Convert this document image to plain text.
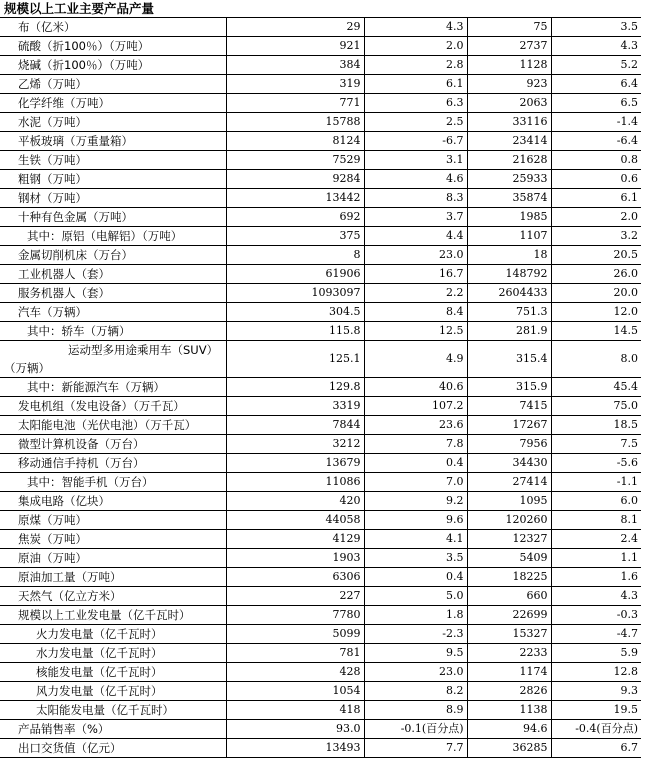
规模以上工业主要产品产量
布（亿米）	29	4.3	75	3.5
硫酸（折100％）（万吨）	921	2.0	2737	4.3
烧碱（折100％）（万吨）	384	2.8	1128	5.2
乙烯（万吨）	319	6.1	923	6.4
化学纤维（万吨）	771	6.3	2063	6.5
水泥（万吨）	15788	2.5	33116	-1.4
平板玻璃（万重量箱）	8124	-6.7	23414	-6.4
生铁（万吨）	7529	3.1	21628	0.8
粗钢（万吨）	9284	4.6	25933	0.6
钢材（万吨）	13442	8.3	35874	6.1
十种有色金属（万吨）	692	3.7	1985	2.0
其中：原铝（电解铝）（万吨）	375	4.4	1107	3.2
金属切削机床（万台）	8	23.0	18	20.5
工业机器人（套）	61906	16.7	148792	26.0
服务机器人（套）	1093097	2.2	2604433	20.0
汽车（万辆）	304.5	8.4	751.3	12.0
其中：轿车（万辆）	115.8	12.5	281.9	14.5
运动型多用途乘用车（SUV）（万辆）	125.1	4.9	315.4	8.0
其中：新能源汽车（万辆）	129.8	40.6	315.9	45.4
发电机组（发电设备）（万千瓦）	3319	107.2	7415	75.0
太阳能电池（光伏电池）（万千瓦）	7844	23.6	17267	18.5
微型计算机设备（万台）	3212	7.8	7956	7.5
移动通信手持机（万台）	13679	0.4	34430	-5.6
其中：智能手机（万台）	11086	7.0	27414	-1.1
集成电路（亿块）	420	9.2	1095	6.0
原煤（万吨）	44058	9.6	120260	8.1
焦炭（万吨）	4129	4.1	12327	2.4
原油（万吨）	1903	3.5	5409	1.1
原油加工量（万吨）	6306	0.4	18225	1.6
天然气（亿立方米）	227	5.0	660	4.3
规模以上工业发电量（亿千瓦时）	7780	1.8	22699	-0.3
火力发电量（亿千瓦时）	5099	-2.3	15327	-4.7
水力发电量（亿千瓦时）	781	9.5	2233	5.9
核能发电量（亿千瓦时）	428	23.0	1174	12.8
风力发电量（亿千瓦时）	1054	8.2	2826	9.3
太阳能发电量（亿千瓦时）	418	8.9	1138	19.5
产品销售率（%）	93.0	-0.1(百分点)	94.6	-0.4(百分点)
出口交货值（亿元）	13493	7.7	36285	6.7
